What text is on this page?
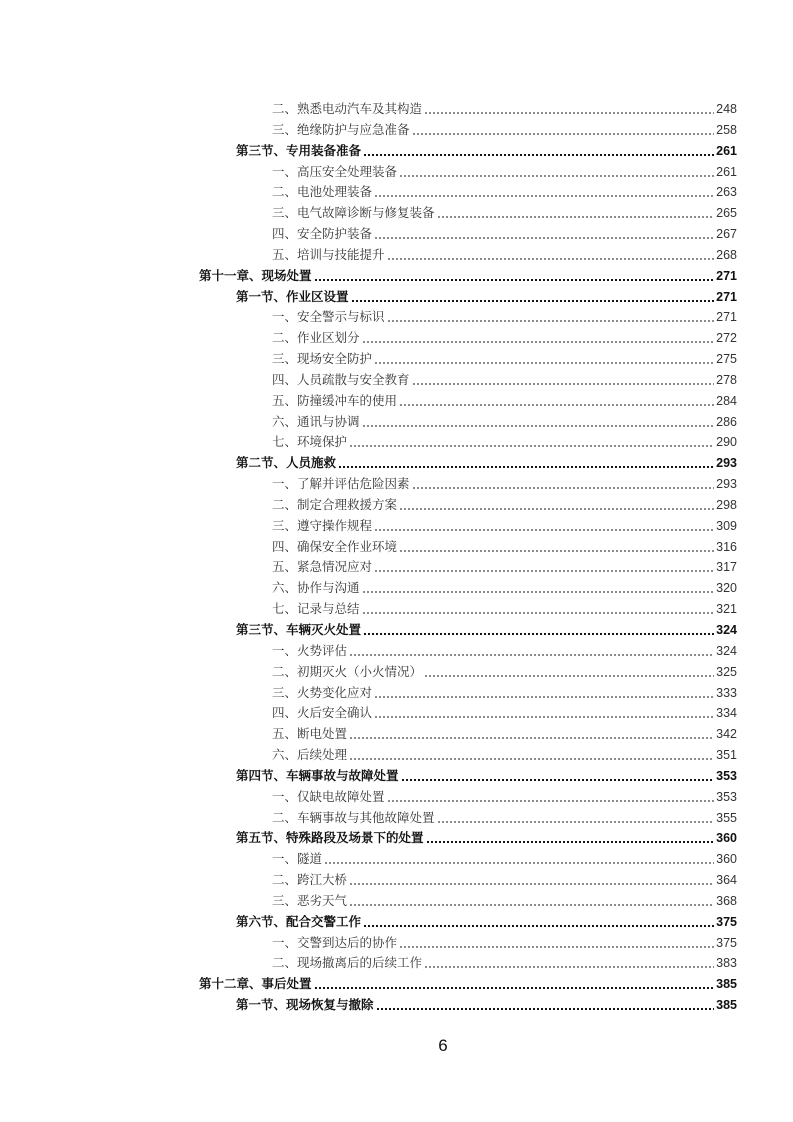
二、熟悉电动汽车及其构造	248
三、绝缘防护与应急准备	258
第三节、专用装备准备	261
一、高压安全处理装备	261
二、电池处理装备	263
三、电气故障诊断与修复装备	265
四、安全防护装备	267
五、培训与技能提升	268
第十一章、现场处置	271
第一节、作业区设置	271
一、安全警示与标识	271
二、作业区划分	272
三、现场安全防护	275
四、人员疏散与安全教育	278
五、防撞缓冲车的使用	284
六、通讯与协调	286
七、环境保护	290
第二节、人员施救	293
一、了解并评估危险因素	293
二、制定合理救援方案	298
三、遵守操作规程	309
四、确保安全作业环境	316
五、紧急情况应对	317
六、协作与沟通	320
七、记录与总结	321
第三节、车辆灭火处置	324
一、火势评估	324
二、初期灭火（小火情况）	325
三、火势变化应对	333
四、火后安全确认	334
五、断电处置	342
六、后续处理	351
第四节、车辆事故与故障处置	353
一、仅缺电故障处置	353
二、车辆事故与其他故障处置	355
第五节、特殊路段及场景下的处置	360
一、隧道	360
二、跨江大桥	364
三、恶劣天气	368
第六节、配合交警工作	375
一、交警到达后的协作	375
二、现场撤离后的后续工作	383
第十二章、事后处置	385
第一节、现场恢复与撤除	385
6
